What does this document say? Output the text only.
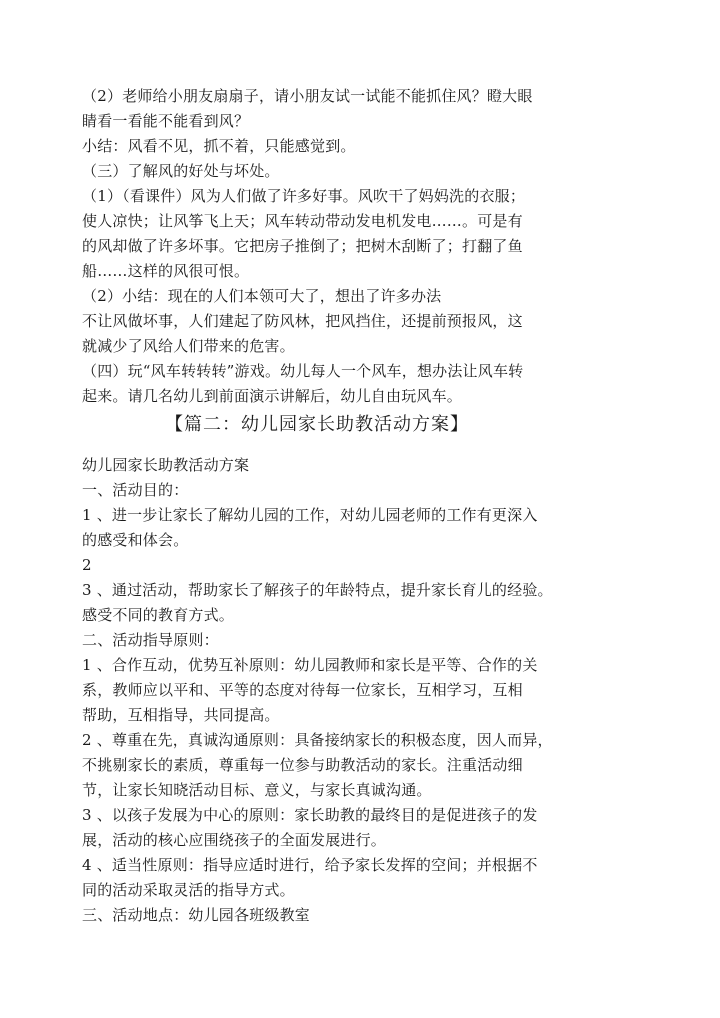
（2）老师给小朋友扇扇子，请小朋友试一试能不能抓住风？瞪大眼
睛看一看能不能看到风？
小结：风看不见，抓不着，只能感觉到。
（三）了解风的好处与坏处。
（1）（看课件）风为人们做了许多好事。风吹干了妈妈洗的衣服；
使人凉快；让风筝飞上天；风车转动带动发电机发电……。可是有
的风却做了许多坏事。它把房子推倒了；把树木刮断了；打翻了鱼
船……这样的风很可恨。
（2）小结：现在的人们本领可大了，想出了许多办法
不让风做坏事，人们建起了防风林，把风挡住，还提前预报风，这
就减少了风给人们带来的危害。
（四）玩“风车转转转”游戏。幼儿每人一个风车，想办法让风车转
起来。请几名幼儿到前面演示讲解后，幼儿自由玩风车。
【篇二：幼儿园家长助教活动方案】
幼儿园家长助教活动方案
一、活动目的：
1 、进一步让家长了解幼儿园的工作，对幼儿园老师的工作有更深入
的感受和体会。
2
3 、通过活动，帮助家长了解孩子的年龄特点，提升家长育儿的经验。
感受不同的教育方式。
二、活动指导原则：
1 、合作互动，优势互补原则：幼儿园教师和家长是平等、合作的关
系，教师应以平和、平等的态度对待每一位家长，互相学习，互相
帮助，互相指导，共同提高。
2 、尊重在先，真诚沟通原则：具备接纳家长的积极态度，因人而异，
不挑剔家长的素质，尊重每一位参与助教活动的家长。注重活动细
节，让家长知晓活动目标、意义，与家长真诚沟通。
3 、以孩子发展为中心的原则：家长助教的最终目的是促进孩子的发
展，活动的核心应围绕孩子的全面发展进行。
4 、适当性原则：指导应适时进行，给予家长发挥的空间；并根据不
同的活动采取灵活的指导方式。
三、活动地点：幼儿园各班级教室
